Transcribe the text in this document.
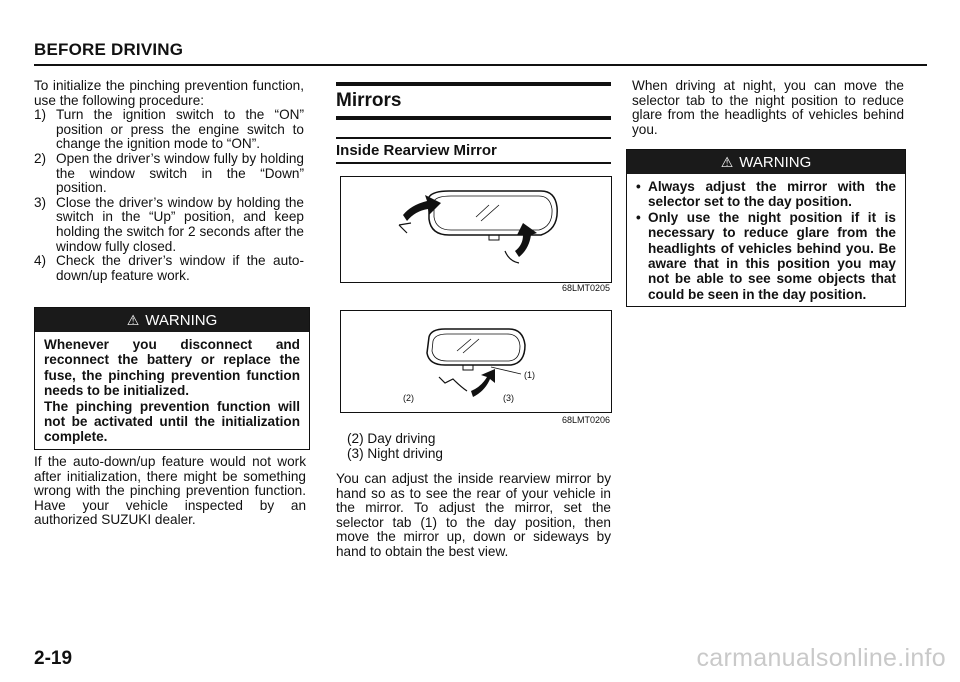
BEFORE DRIVING

To initialize the pinching prevention function, use the following procedure:

1) Turn the ignition switch to the “ON” position or press the engine switch to change the ignition mode to “ON”.
2) Open the driver’s window fully by holding the window switch in the “Down” position.
3) Close the driver’s window by holding the switch in the “Up” position, and keep holding the switch for 2 seconds after the window fully closed.
4) Check the driver’s window if the auto-down/up feature work.
⚠ WARNING

Whenever you disconnect and reconnect the battery or replace the fuse, the pinching prevention function needs to be initialized.

The pinching prevention function will not be activated until the initialization complete.

If the auto-down/up feature would not work after initialization, there might be something wrong with the pinching prevention function. Have your vehicle inspected by an authorized SUZUKI dealer.

Mirrors
Inside Rearview Mirror
68LMT0205
(1)
(2)	(3)
68LMT0206

(2) Day driving

(3) Night driving

You can adjust the inside rearview mirror by hand so as to see the rear of your vehicle in the mirror. To adjust the mirror, set the selector tab (1) to the day position, then move the mirror up, down or sideways by hand to obtain the best view.

When driving at night, you can move the selector tab to the night position to reduce glare from the headlights of vehicles behind you.

⚠ WARNING
• Always adjust the mirror with the selector set to the day position.
• Only use the night position if it is necessary to reduce glare from the headlights of vehicles behind you. Be aware that in this position you may not be able to see some objects that could be seen in the day position.
2-19	carmanualsonline.info
